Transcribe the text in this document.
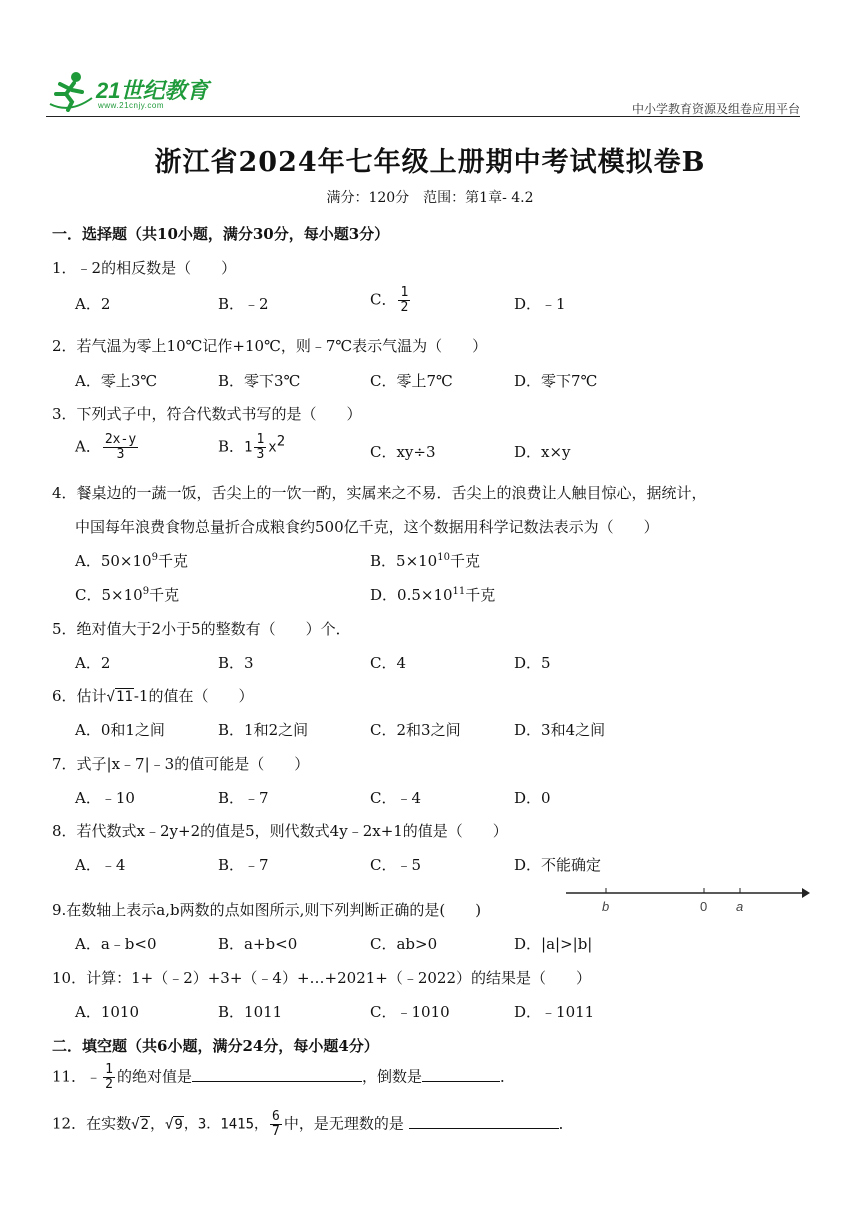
21世纪教育
www.21cnjy.com	中小学教育资源及组卷应用平台
浙江省2024年七年级上册期中考试模拟卷B
满分：120分　范围：第1章- 4.2
一．选择题（共10小题，满分30分，每小题3分）
1．﹣2的相反数是（　　）
A．2	B．﹣2	C． $\frac{1}{2}$	D．﹣1
2．若气温为零上10℃记作+10℃，则﹣7℃表示气温为（　　）
A．零上3℃	B．零下3℃	C．零上7℃	D．零下7℃
3．下列式子中，符合代数式书写的是（　　）
A． $\frac{2x-y}{3}$	B．$1 \frac{1}{3} x^2$
C．xy÷3	D．x×y
4．餐桌边的一蔬一饭，舌尖上的一饮一酌，实属来之不易．舌尖上的浪费让人触目惊心，据统计，
中国每年浪费食物总量折合成粮食约500亿千克，这个数据用科学记数法表示为（　　）
A．$50\times 10^9$千克	B．$5\times 10^{10}$千克
C．$5\times 10^9$千克	D．$0.5\times 10^{11}$千克
5．绝对值大于2小于5的整数有（　　）个．
A．2	B．3	C．4	D．5
6．估计√11-1的值在（　　）
A．0和1之间	B．1和2之间	C．2和3之间	D．3和4之间
7．式子|x﹣7|﹣3的值可能是（　　）
A．﹣10	B．﹣7	C．﹣4	D．0
8．若代数式x﹣2y+2的值是5，则代数式4y﹣2x+1的值是（　　）
A．﹣4	B．﹣7	C．﹣5	D．不能确定
9.在数轴上表示a,b两数的点如图所示,则下列判断正确的是(　　)	b	0 a
A．a﹣b<0	B．a+b<0	C．ab>0	D．|a|>|b|
10．计算：1+（﹣2）+3+（﹣4）+…+2021+（﹣2022）的结果是（　　）
A．1010	B．1011	C．﹣1010	D．﹣1011
二．填空题（共6小题，满分24分，每小题4分）
11．﹣ $\frac{1}{2}$ 的绝对值是	，倒数是	．
12．在实数√2，√9，3．1415， $\frac{6}{7}$ 中，是无理数的是	．
